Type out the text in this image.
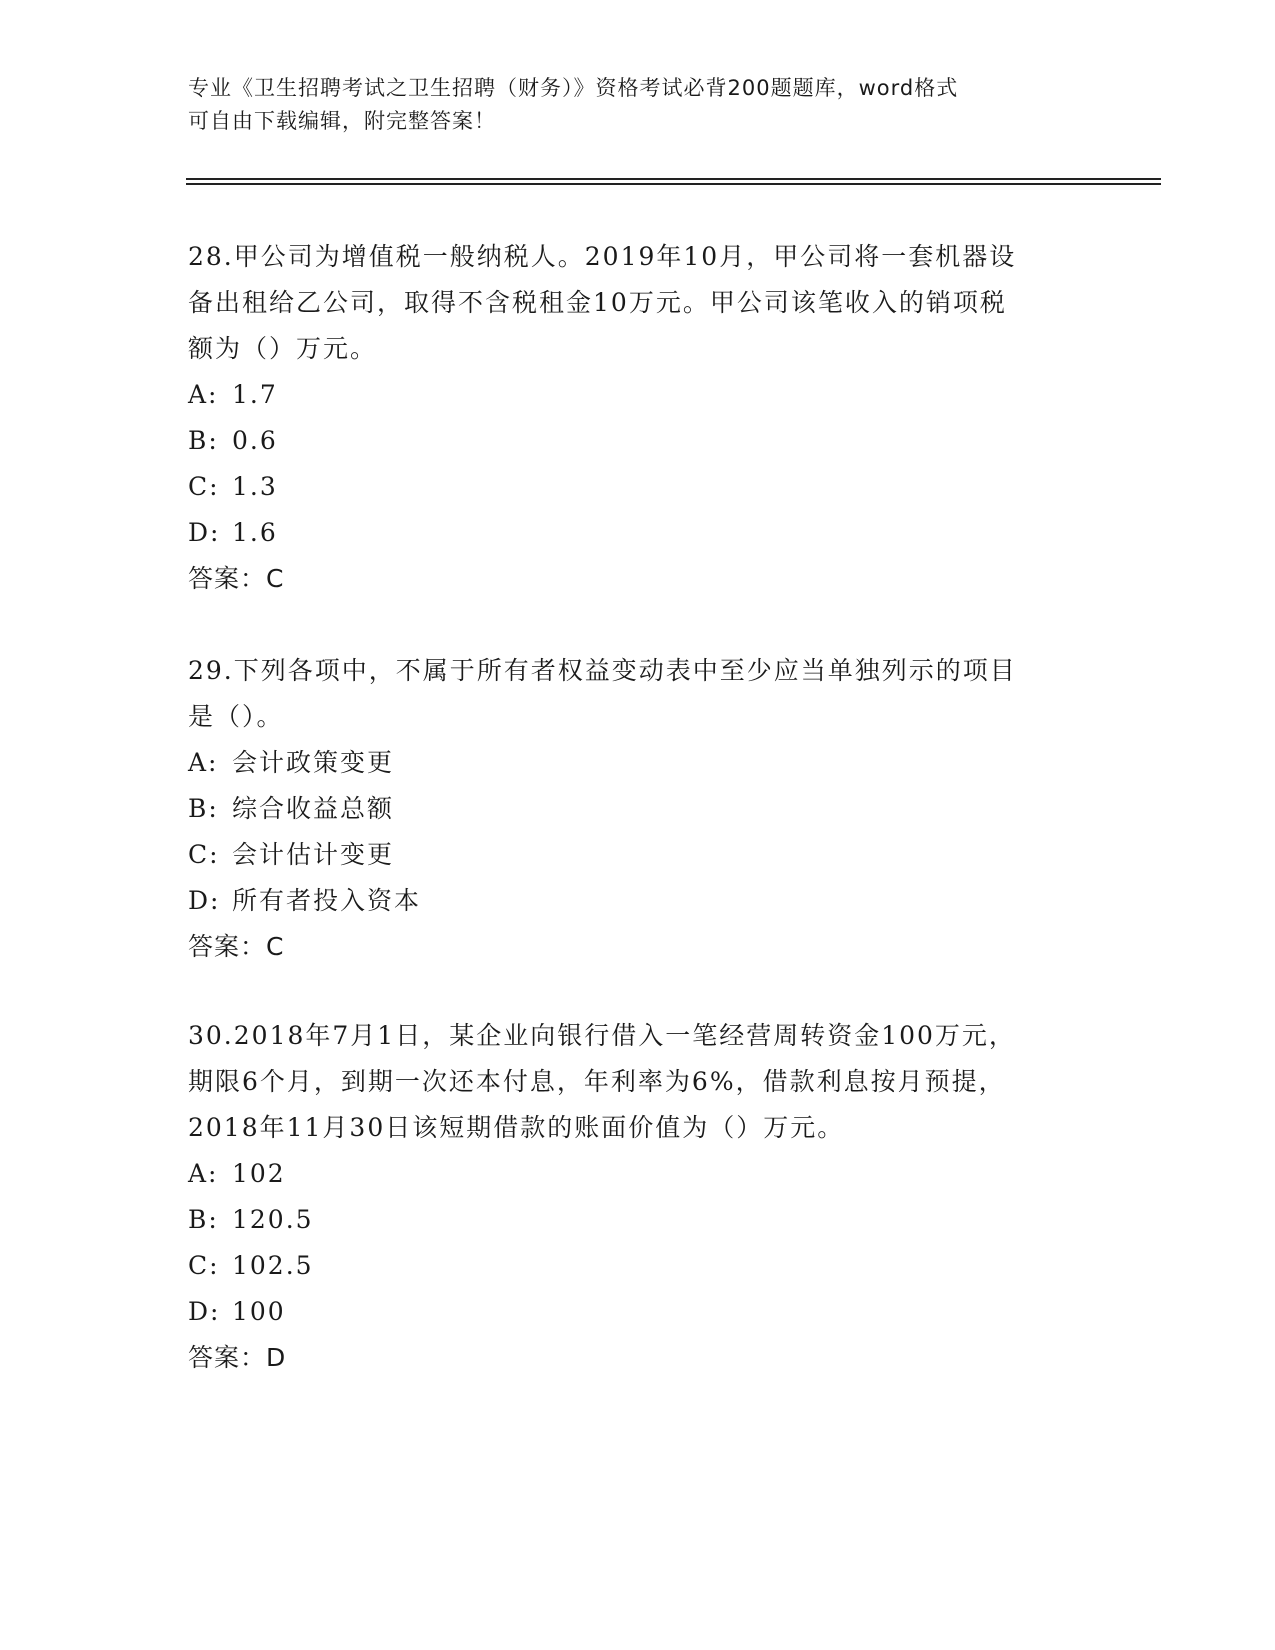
专业《卫生招聘考试之卫生招聘（财务）》资格考试必背200题题库，word格式
可自由下载编辑，附完整答案！

28.甲公司为增值税一般纳税人。2019年10月，甲公司将一套机器设
备出租给乙公司，取得不含税租金10万元。甲公司该笔收入的销项税
额为（）万元。

A: 1.7

B: 0.6

C: 1.3

D: 1.6

答案：C

29.下列各项中，不属于所有者权益变动表中至少应当单独列示的项目
是（）。

A: 会计政策变更

B: 综合收益总额

C: 会计估计变更

D: 所有者投入资本

答案：C

30.2018年7月1日，某企业向银行借入一笔经营周转资金100万元，
期限6个月，到期一次还本付息，年利率为6%，借款利息按月预提，
2018年11月30日该短期借款的账面价值为（）万元。

A: 102

B: 120.5

C: 102.5

D: 100

答案：D
